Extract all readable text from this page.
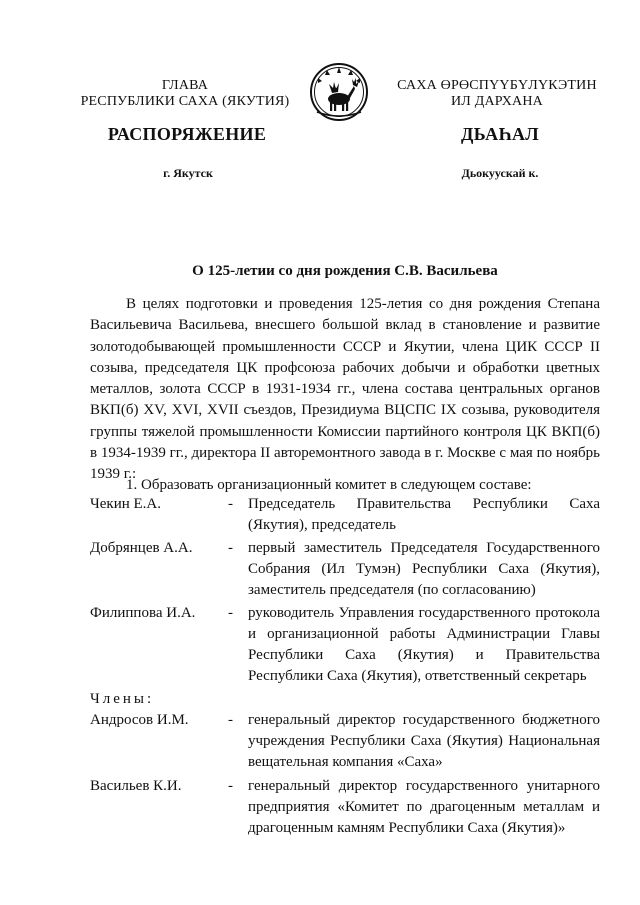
ГЛАВА
РЕСПУБЛИКИ САХА (ЯКУТИЯ)
САХА ӨРӨСПҮҮБҮЛҮКЭТИН
ИЛ ДАРХАНА
РАСПОРЯЖЕНИЕ	ДЬАҺАЛ
г. Якутск	Дьокуускай к.
О 125-летии со дня рождения С.В. Васильева
В целях подготовки и проведения 125-летия со дня рождения Степана Васильевича Васильева, внесшего большой вклад в становление и развитие золотодобывающей промышленности СССР и Якутии, члена ЦИК СССР II созыва, председателя ЦК профсоюза рабочих добычи и обработки цветных металлов, золота СССР в 1931-1934 гг., члена состава центральных органов ВКП(б) XV, XVI, XVII съездов, Президиума ВЦСПС IX созыва, руководителя группы тяжелой промышленности Комиссии партийного контроля ЦК ВКП(б) в 1934-1939 гг., директора II авторемонтного завода в г. Москве с мая по ноябрь 1939 г.:
1. Образовать организационный комитет в следующем составе:
Чекин Е.А.	-	Председатель Правительства Республики Саха (Якутия), председатель
Добрянцев А.А.	-	первый заместитель Председателя Государственного Собрания (Ил Тумэн) Республики Саха (Якутия), заместитель председателя (по согласованию)
Филиппова И.А.	-	руководитель Управления государственного протокола и организационной работы Администрации Главы Республики Саха (Якутия) и Правительства Республики Саха (Якутия), ответственный секретарь
Члены:
Андросов И.М.	-	генеральный директор государственного бюджетного учреждения Республики Саха (Якутия) Национальная вещательная компания «Саха»
Васильев К.И.	-	генеральный директор государственного унитарного предприятия «Комитет по драгоценным металлам и драгоценным камням Республики Саха (Якутия)»
